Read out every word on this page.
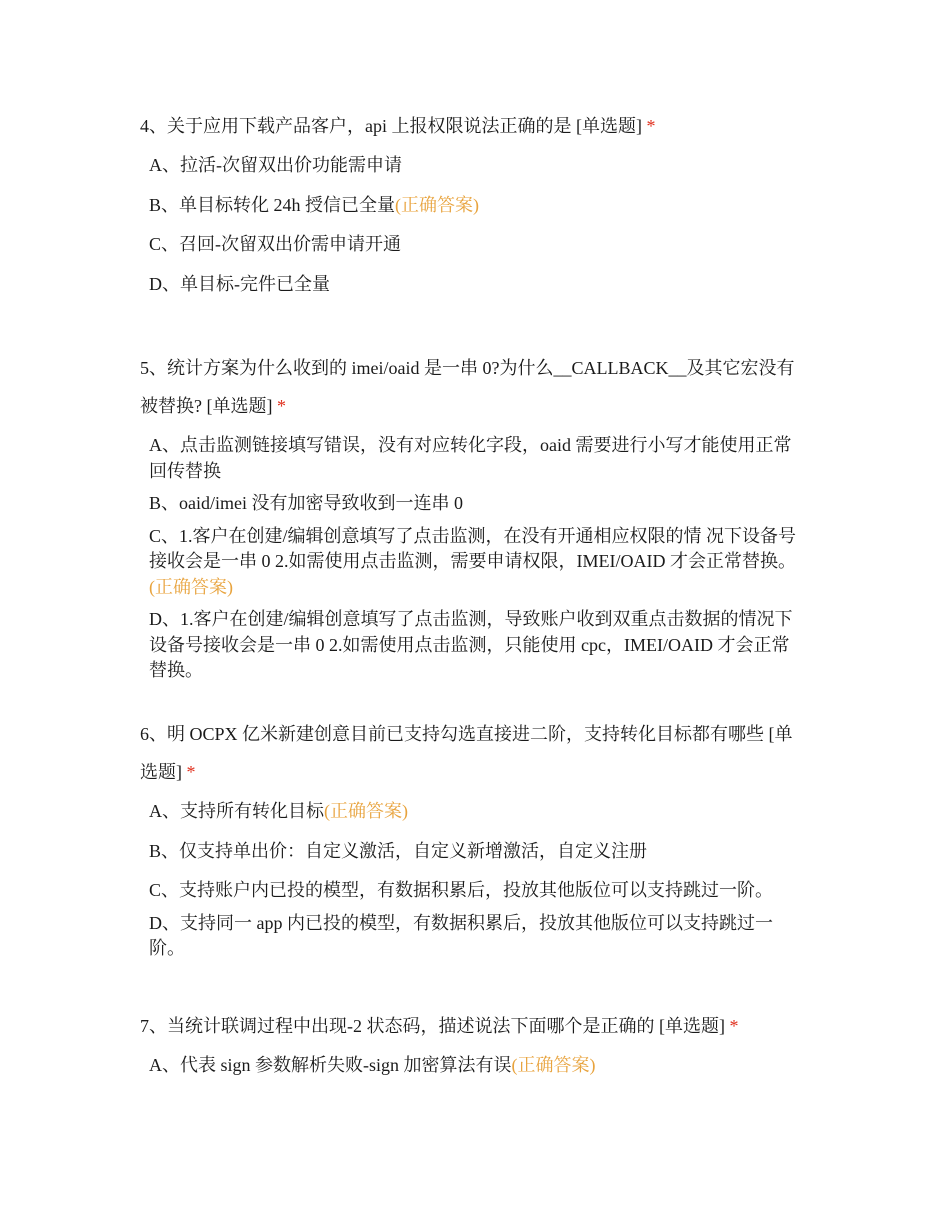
4、关于应用下载产品客户，api 上报权限说法正确的是 [单选题] *

A、拉活-次留双出价功能需申请

B、单目标转化 24h 授信已全量(正确答案)

C、召回-次留双出价需申请开通

D、单目标-完件已全量

5、统计方案为什么收到的 imei/oaid 是一串 0?为什么__CALLBACK__及其它宏没有被替换? [单选题] *

A、点击监测链接填写错误，没有对应转化字段，oaid 需要进行小写才能使用正常回传替换

B、oaid/imei 没有加密导致收到一连串 0

C、1.客户在创建/编辑创意填写了点击监测，在没有开通相应权限的情 况下设备号接收会是一串 0 2.如需使用点击监测，需要申请权限，IMEI/OAID 才会正常替换。(正确答案)

D、1.客户在创建/编辑创意填写了点击监测，导致账户收到双重点击数据的情况下设备号接收会是一串 0 2.如需使用点击监测，只能使用 cpc，IMEI/OAID 才会正常替换。

6、明 OCPX 亿米新建创意目前已支持勾选直接进二阶，支持转化目标都有哪些 [单选题] *

A、支持所有转化目标(正确答案)

B、仅支持单出价：自定义激活，自定义新增激活，自定义注册

C、支持账户内已投的模型，有数据积累后，投放其他版位可以支持跳过一阶。

D、支持同一 app 内已投的模型，有数据积累后，投放其他版位可以支持跳过一阶。

7、当统计联调过程中出现-2 状态码，描述说法下面哪个是正确的 [单选题] *

A、代表 sign 参数解析失败-sign 加密算法有误(正确答案)
